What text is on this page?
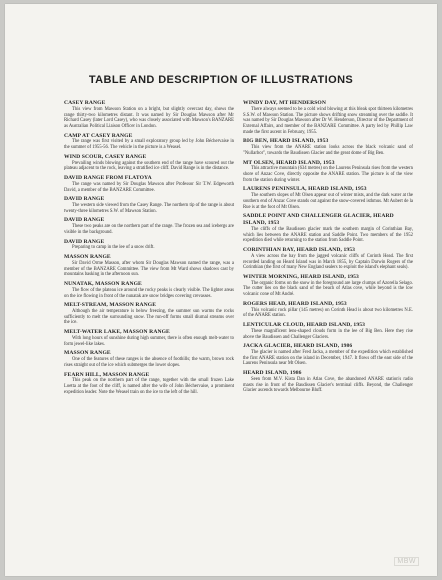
TABLE AND DESCRIPTION OF ILLUSTRATIONS
CASEY RANGE

This view from Mawson Station on a bright, but slightly overcast day, shows the range thirty-two kilometres distant. It was named by Sir Douglas Mawson after Mr Richard Casey (later Lord Casey), who was closely associated with Mawson's BANZARE as Australian Political Liaison Officer in London.

CAMP AT CASEY RANGE

The range was first visited by a small exploratory group led by John Béchervaise in the summer of 1955-56. The vehicle in the picture is a Weasel.

WIND SCOUR, CASEY RANGE

Prevailing winds blowing against the southern end of the range have scoured out the plateau adjacent to the rock, leaving a stratified ice cliff. David Range is in the distance.

DAVID RANGE FROM FLATOYA

The range was named by Sir Douglas Mawson after Professor Sir T.W. Edgeworth David, a member of the BANZARE Committee.

DAVID RANGE

The western side viewed from the Casey Range. The northern tip of the range is about twenty-three kilometres S.W. of Mawson Station.

DAVID RANGE

These two peaks are on the northern part of the range. The frozen sea and icebergs are visible in the background.

DAVID RANGE

Preparing to camp in the lee of a snow drift.

MASSON RANGE

Sir David Orme Masson, after whom Sir Douglas Mawson named the range, was a member of the BANZARE Committee. The view from Mt Ward shows shadows cast by mountains basking in the afternoon sun.

NUNATAK, MASSON RANGE

The flow of the plateau ice around the rocky peaks is clearly visible. The lighter areas on the ice flowing in front of the nunatak are snow bridges covering crevasses.

MELT-STREAM, MASSON RANGE

Although the air temperature is below freezing, the summer sun warms the rocks sufficiently to melt the surrounding snow. The run-off forms small diurnal streams over the ice.

MELT-WATER LAKE, MASSON RANGE

With long hours of sunshine during high summer, there is often enough melt-water to form jewel-like lakes.

MASSON RANGE

One of the features of these ranges is the absence of foothills; the warm, brown rock rises straight out of the ice which submerges the lower slopes.

FEARN HILL, MASSON RANGE

This peak on the northern part of the range, together with the small frozen Lake Loetta at the foot of the cliff, is named after the wife of John Béchervaise, a prominent expedition leader. Note the Weasel train on the ice to the left of the hill.

WINDY DAY, MT HENDERSON

There always seemed to be a cold wind blowing at this bleak spot thirteen kilometres S.S.W. of Mawson Station. The picture shows drifting snow streaming over the saddle. It was named by Sir Douglas Mawson after Dr W. Henderson, Director of the Department of External Affairs, and member of the BANZARE Committee. A party led by Phillip Law made the first ascent in February, 1955.

BIG BEN, HEARD ISLAND, 1953

This view from the ANARE station looks across the black volcanic sand of "Nullarbor", towards the Baudissen Glacier and the great dome of Big Ben.

MT OLSEN, HEARD ISLAND, 1953

This attractive mountain (634 metres) on the Laurens Peninsula rises from the western shore of Anzac Cove, directly opposite the ANARE station. The picture is of the view from the station during winter.

LAURENS PENINSULA, HEARD ISLAND, 1953

The southern slopes of Mt Olsen appear out of winter mists, and the dark water at the southern end of Anzac Cove stands out against the snow-covered isthmus. Mt Aubert de la Rue is at the foot of Mt Olsen.

SADDLE POINT AND CHALLENGER GLACIER, HEARD ISLAND, 1953

The cliffs of the Baudissen glacier mark the southern margin of Corinthian Bay, which lies between the ANARE station and Saddle Point. Two members of the 1952 expedition died while returning to the station from Saddle Point.

CORINTHIAN BAY, HEARD ISLAND, 1953

A view across the bay from the jagged volcanic cliffs of Corinth Head. The first recorded landing on Heard Island was in March 1855, by Captain Darwin Rogers of the Corinthian (the first of many New England sealers to exploit the island's elephant seals).

WINTER MORNING, HEARD ISLAND, 1953

The organic forms on the snow in the foreground are large clumps of Azorella Selago. The cutter lies on the black sand of the beach of Atlas cove, while beyond is the low volcanic cone of Mt André.

ROGERS HEAD, HEARD ISLAND, 1953

This volcanic rock pillar (145 metres) on Corinth Head is about two kilometres N.E. of the ANARE station.

LENTICULAR CLOUD, HEARD ISLAND, 1953

These magnificent lens-shaped clouds form in the lee of Big Ben. Here they rise above the Baudissen and Challenger Glaciers.

JACKA GLACIER, HEARD ISLAND, 1986

The glacier is named after Fred Jacka, a member of the expedition which established the first ANARE station on the island in December, 1947. It flows off the east side of the Laurens Peninsula near Mt Olsen.

HEARD ISLAND, 1986

Seen from M.V. Kista Dan in Atlas Cove, the abandoned ANARE station's radio masts rise in front of the Baudissen Glacier's terminal cliffs. Beyond, the Challenger Glacier ascends towards Melbourne Bluff.

MBW
